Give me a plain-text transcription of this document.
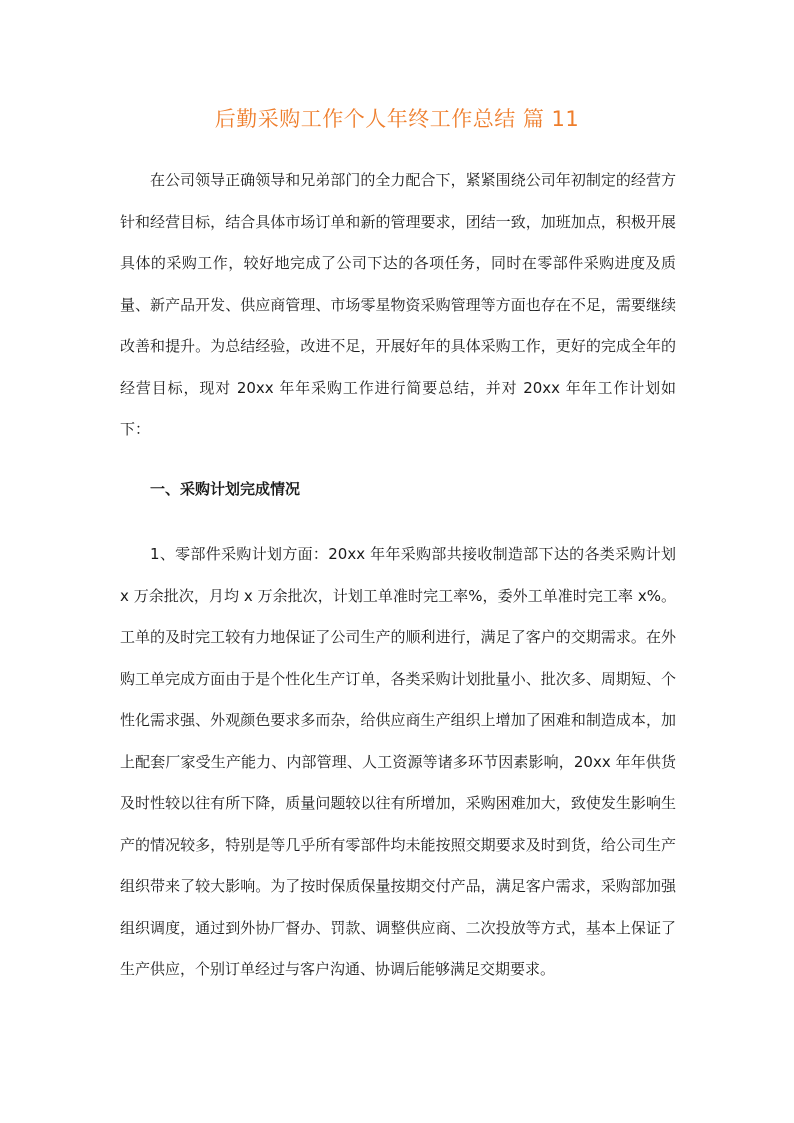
后勤采购工作个人年终工作总结 篇 11

在公司领导正确领导和兄弟部门的全力配合下，紧紧围绕公司年初制定的经营方针和经营目标，结合具体市场订单和新的管理要求，团结一致，加班加点，积极开展具体的采购工作，较好地完成了公司下达的各项任务，同时在零部件采购进度及质量、新产品开发、供应商管理、市场零星物资采购管理等方面也存在不足，需要继续改善和提升。为总结经验，改进不足，开展好年的具体采购工作，更好的完成全年的经营目标，现对 20xx 年年采购工作进行简要总结，并对 20xx 年年工作计划如下：

一、采购计划完成情况

1、零部件采购计划方面：20xx 年年采购部共接收制造部下达的各类采购计划 x 万余批次，月均 x 万余批次，计划工单准时完工率%，委外工单准时完工率 x%。工单的及时完工较有力地保证了公司生产的顺利进行，满足了客户的交期需求。在外购工单完成方面由于是个性化生产订单，各类采购计划批量小、批次多、周期短、个性化需求强、外观颜色要求多而杂，给供应商生产组织上增加了困难和制造成本，加上配套厂家受生产能力、内部管理、人工资源等诸多环节因素影响，20xx 年年供货及时性较以往有所下降，质量问题较以往有所增加，采购困难加大，致使发生影响生产的情况较多，特别是等几乎所有零部件均未能按照交期要求及时到货，给公司生产组织带来了较大影响。为了按时保质保量按期交付产品，满足客户需求，采购部加强组织调度，通过到外协厂督办、罚款、调整供应商、二次投放等方式，基本上保证了生产供应，个别订单经过与客户沟通、协调后能够满足交期要求。
